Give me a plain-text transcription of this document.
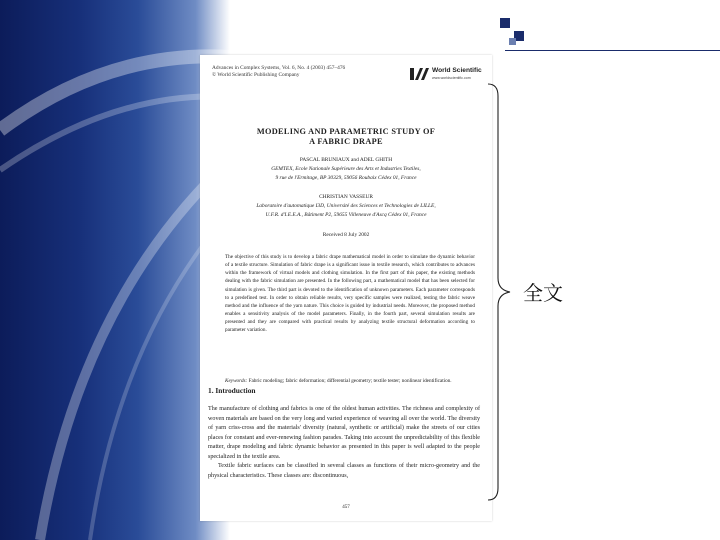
Advances in Complex Systems, Vol. 6, No. 4 (2003) 457–476
© World Scientific Publishing Company
World Scientific
www.worldscientific.com
MODELING AND PARAMETRIC STUDY OF
A FABRIC DRAPE
PASCAL BRUNIAUX and ADEL GHITH
GEMTEX, Ecole Nationale Supérieure des Arts et Industries Textiles,
9 rue de l'Ermitage, BP 30329, 59056 Roubaix Cédex 01, France
CHRISTIAN VASSEUR
Laboratoire d'automatique I3D, Université des Sciences et Technologies de LILLE,
U.F.R. d'I.E.E.A., Bâtiment P2, 59655 Villeneuve d'Ascq Cédex 01, France
Received 8 July 2002
The objective of this study is to develop a fabric drape mathematical model in order to simulate the dynamic behavior of a textile structure. Simulation of fabric drape is a significant issue in textile research, which contributes to advances within the framework of virtual models and clothing simulation. In the first part of this paper, the existing methods dealing with the fabric simulation are presented. In the following part, a mathematical model that has been selected for simulation is given. The third part is devoted to the identification of unknown parameters. Each parameter corresponds to a predefined test. In order to obtain reliable results, very specific samples were realized, testing the fabric weave method and the influence of the yarn nature. This choice is guided by industrial needs. Moreover, the proposed method enables a sensitivity analysis of the model parameters. Finally, in the fourth part, several simulation results are presented and they are compared with practical results by analyzing textile structural deformation according to parameter variation.
Keywords: Fabric modeling; fabric deformation; differential geometry; textile tester; nonlinear identification.
1. Introduction
The manufacture of clothing and fabrics is one of the oldest human activities. The richness and complexity of woven materials are based on the very long and varied experience of weaving all over the world. The diversity of yarn criss-cross and the materials' diversity (natural, synthetic or artificial) make the streets of our cities places for constant and ever-renewing fashion parades. Taking into account the unpredictability of this flexible matter, drape modeling and fabric dynamic behavior as presented in this paper is well adapted to the people specialized in the textile area.
Textile fabric surfaces can be classified in several classes as functions of their micro-geometry and the physical characteristics. These classes are: discontinuous,
457
全文
